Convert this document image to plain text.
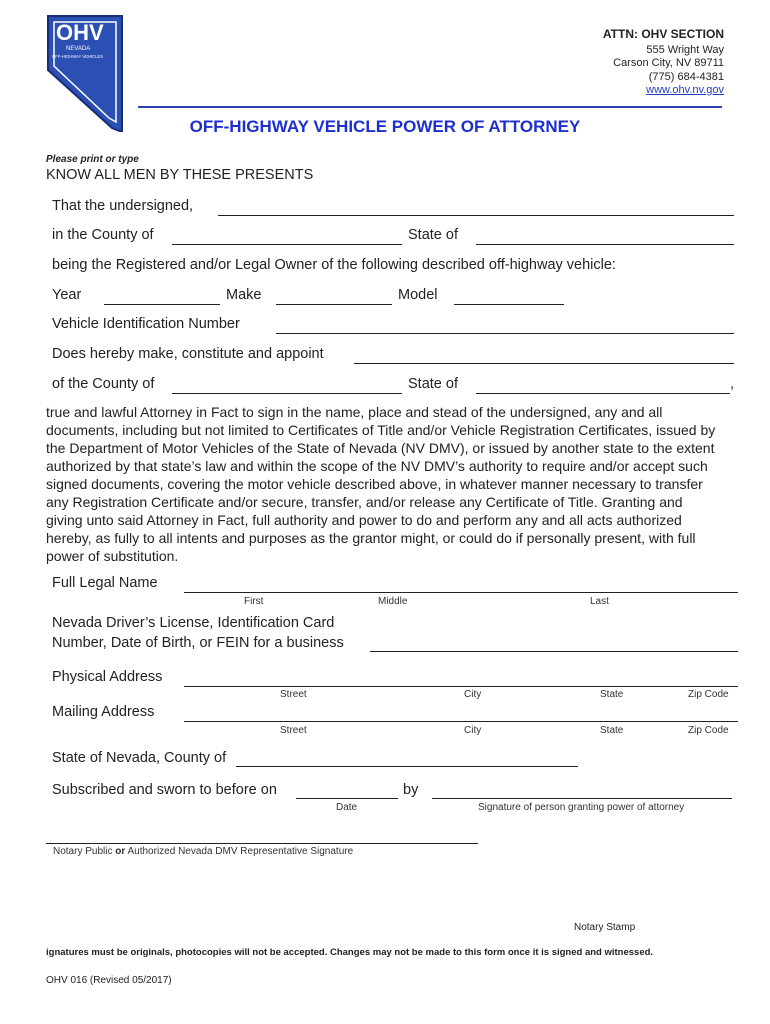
OHV
NEVADA
OFF-HIGHWAY VEHICLES
ATTN: OHV SECTION
555 Wright Way
Carson City, NV 89711
(775) 684-4381
www.ohv.nv.gov
OFF-HIGHWAY VEHICLE POWER OF ATTORNEY
Please print or type
KNOW ALL MEN BY THESE PRESENTS
That the undersigned,
in the County of	State of
being the Registered and/or Legal Owner of the following described off-highway vehicle:
Year	Make	Model
Vehicle Identification Number
Does hereby make, constitute and appoint
of the County of	State of	,
true and lawful Attorney in Fact to sign in the name, place and stead of the undersigned, any and all documents, including but not limited to Certificates of Title and/or Vehicle Registration Certificates, issued by the Department of Motor Vehicles of the State of Nevada (NV DMV), or issued by another state to the extent authorized by that state’s law and within the scope of the NV DMV’s authority to require and/or accept such signed documents, covering the motor vehicle described above, in whatever manner necessary to transfer any Registration Certificate and/or secure, transfer, and/or release any Certificate of Title. Granting and giving unto said Attorney in Fact, full authority and power to do and perform any and all acts authorized hereby, as fully to all intents and purposes as the grantor might, or could do if personally present, with full power of substitution.
Full Legal Name
First	Middle	Last
Nevada Driver’s License, Identification Card
Number, Date of Birth, or FEIN for a business
Physical Address
Street	City	State	Zip Code
Mailing Address
Street	City	State	Zip Code
State of Nevada, County of
Subscribed and sworn to before on	by
Date	Signature of person granting power of attorney
Notary Public or Authorized Nevada DMV Representative Signature
Notary Stamp
ignatures must be originals, photocopies will not be accepted. Changes may not be made to this form once it is signed and witnessed.
OHV 016 (Revised 05/2017)
